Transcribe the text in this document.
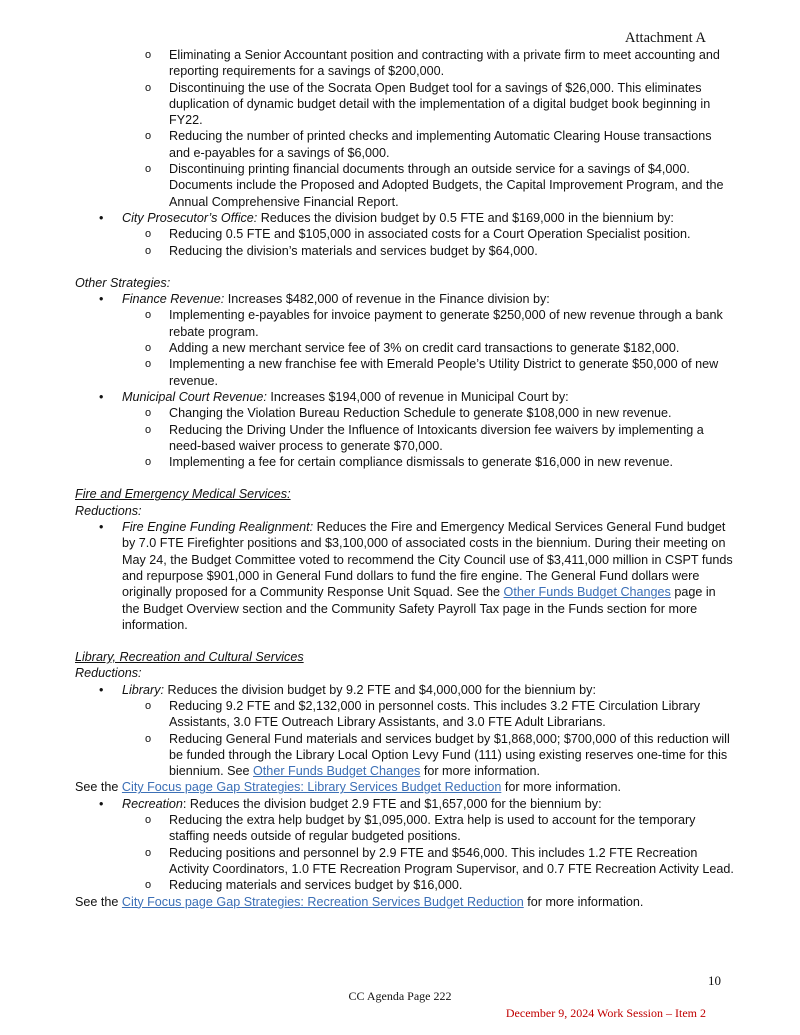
Attachment A
o Eliminating a Senior Accountant position and contracting with a private firm to meet accounting and reporting requirements for a savings of $200,000.
o Discontinuing the use of the Socrata Open Budget tool for a savings of $26,000. This eliminates duplication of dynamic budget detail with the implementation of a digital budget book beginning in FY22.
o Reducing the number of printed checks and implementing Automatic Clearing House transactions and e-payables for a savings of $6,000.
o Discontinuing printing financial documents through an outside service for a savings of $4,000. Documents include the Proposed and Adopted Budgets, the Capital Improvement Program, and the Annual Comprehensive Financial Report.
• City Prosecutor’s Office: Reduces the division budget by 0.5 FTE and $169,000 in the biennium by:
o Reducing 0.5 FTE and $105,000 in associated costs for a Court Operation Specialist position.
o Reducing the division’s materials and services budget by $64,000.
Other Strategies:
• Finance Revenue: Increases $482,000 of revenue in the Finance division by:
o Implementing e-payables for invoice payment to generate $250,000 of new revenue through a bank rebate program.
o Adding a new merchant service fee of 3% on credit card transactions to generate $182,000.
o Implementing a new franchise fee with Emerald People’s Utility District to generate $50,000 of new revenue.
• Municipal Court Revenue: Increases $194,000 of revenue in Municipal Court by:
o Changing the Violation Bureau Reduction Schedule to generate $108,000 in new revenue.
o Reducing the Driving Under the Influence of Intoxicants diversion fee waivers by implementing a need-based waiver process to generate $70,000.
o Implementing a fee for certain compliance dismissals to generate $16,000 in new revenue.
Fire and Emergency Medical Services:
Reductions:
• Fire Engine Funding Realignment: Reduces the Fire and Emergency Medical Services General Fund budget by 7.0 FTE Firefighter positions and $3,100,000 of associated costs in the biennium. During their meeting on May 24, the Budget Committee voted to recommend the City Council use of $3,411,000 million in CSPT funds and repurpose $901,000 in General Fund dollars to fund the fire engine. The General Fund dollars were originally proposed for a Community Response Unit Squad. See the Other Funds Budget Changes page in the Budget Overview section and the Community Safety Payroll Tax page in the Funds section for more information.
Library, Recreation and Cultural Services
Reductions:
• Library: Reduces the division budget by 9.2 FTE and $4,000,000 for the biennium by:
o Reducing 9.2 FTE and $2,132,000 in personnel costs. This includes 3.2 FTE Circulation Library Assistants, 3.0 FTE Outreach Library Assistants, and 3.0 FTE Adult Librarians.
o Reducing General Fund materials and services budget by $1,868,000; $700,000 of this reduction will be funded through the Library Local Option Levy Fund (111) using existing reserves one-time for this biennium. See Other Funds Budget Changes for more information.
See the City Focus page Gap Strategies: Library Services Budget Reduction for more information.
• Recreation: Reduces the division budget 2.9 FTE and $1,657,000 for the biennium by:
o Reducing the extra help budget by $1,095,000. Extra help is used to account for the temporary staffing needs outside of regular budgeted positions.
o Reducing positions and personnel by 2.9 FTE and $546,000. This includes 1.2 FTE Recreation Activity Coordinators, 1.0 FTE Recreation Program Supervisor, and 0.7 FTE Recreation Activity Lead.
o Reducing materials and services budget by $16,000.
See the City Focus page Gap Strategies: Recreation Services Budget Reduction for more information.
10
CC Agenda Page 222
December 9, 2024 Work Session – Item 2
